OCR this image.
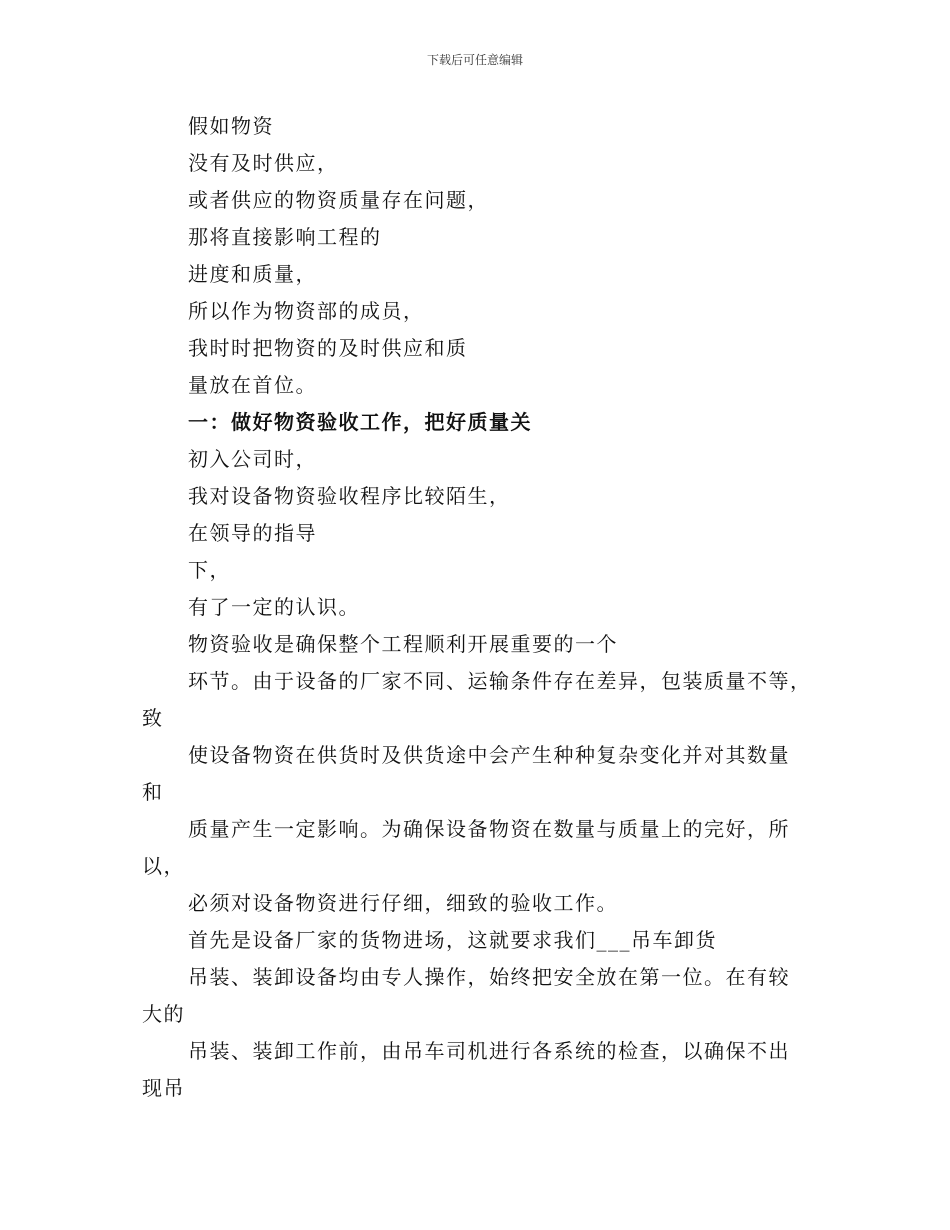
下载后可任意编辑
假如物资
没有及时供应，
或者供应的物资质量存在问题，
那将直接影响工程的
进度和质量，
所以作为物资部的成员，
我时时把物资的及时供应和质
量放在首位。
一：做好物资验收工作，把好质量关
初入公司时，
我对设备物资验收程序比较陌生，
在领导的指导
下，
有了一定的认识。
物资验收是确保整个工程顺利开展重要的一个
环节。由于设备的厂家不同、运输条件存在差异，包装质量不等，
致
使设备物资在供货时及供货途中会产生种种复杂变化并对其数量
和
质量产生一定影响。为确保设备物资在数量与质量上的完好，所
以，
必须对设备物资进行仔细，细致的验收工作。
首先是设备厂家的货物进场，这就要求我们___吊车卸货
吊装、装卸设备均由专人操作，始终把安全放在第一位。在有较
大的
吊装、装卸工作前，由吊车司机进行各系统的检查，以确保不出
现吊
